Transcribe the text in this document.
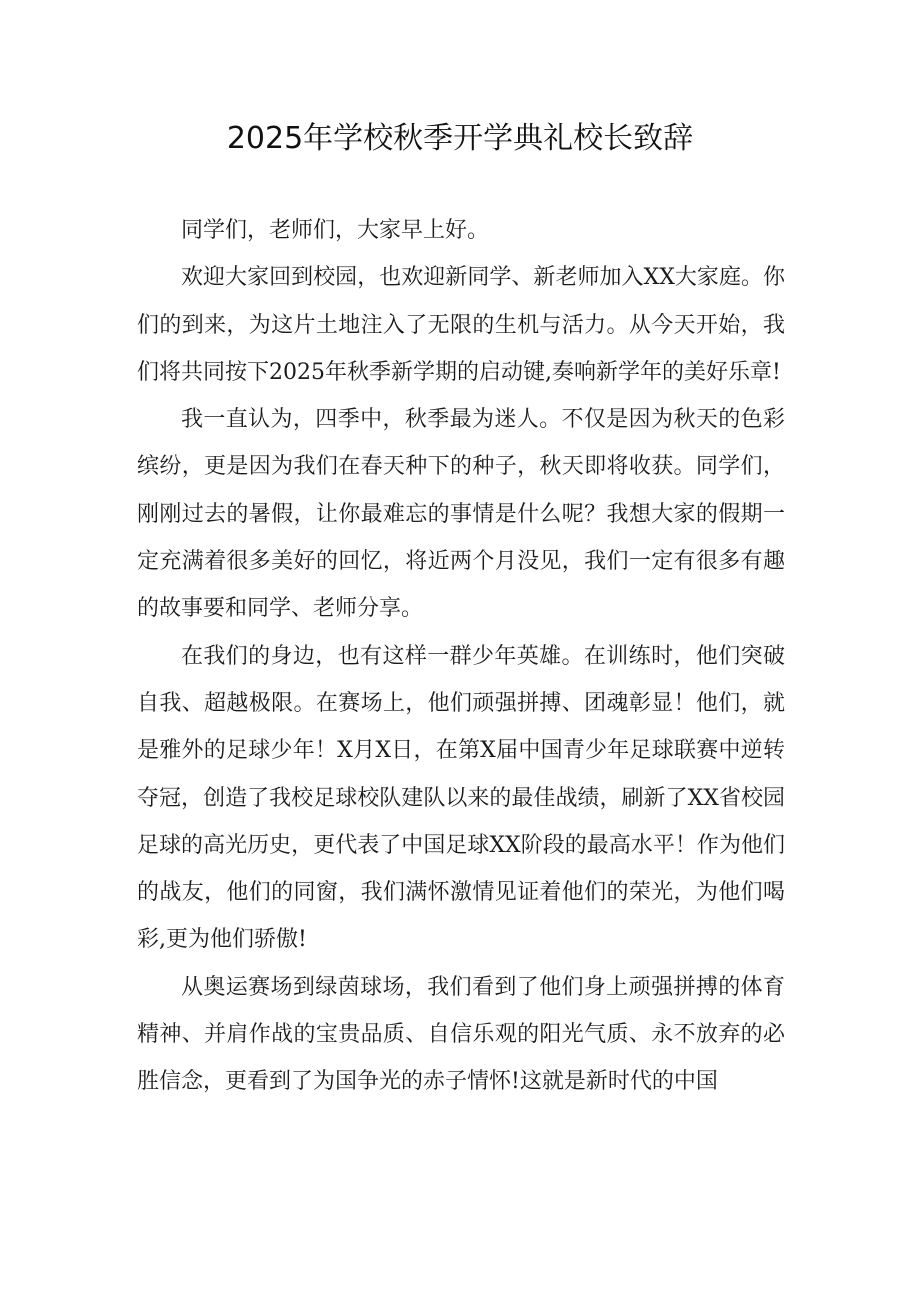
2025年学校秋季开学典礼校长致辞

同学们，老师们，大家早上好。

欢迎大家回到校园，也欢迎新同学、新老师加入XX大家庭。你们的到来，为这片土地注入了无限的生机与活力。从今天开始，我们将共同按下2025年秋季新学期的启动键,奏响新学年的美好乐章!

我一直认为，四季中，秋季最为迷人。不仅是因为秋天的色彩缤纷，更是因为我们在春天种下的种子，秋天即将收获。同学们，刚刚过去的暑假，让你最难忘的事情是什么呢？我想大家的假期一定充满着很多美好的回忆，将近两个月没见，我们一定有很多有趣的故事要和同学、老师分享。

在我们的身边，也有这样一群少年英雄。在训练时，他们突破自我、超越极限。在赛场上，他们顽强拼搏、团魂彰显！他们，就是雅外的足球少年！X月X日，在第X届中国青少年足球联赛中逆转夺冠，创造了我校足球校队建队以来的最佳战绩，刷新了XX省校园足球的高光历史，更代表了中国足球XX阶段的最高水平！作为他们的战友，他们的同窗，我们满怀激情见证着他们的荣光，为他们喝彩,更为他们骄傲!

从奥运赛场到绿茵球场，我们看到了他们身上顽强拼搏的体育精神、并肩作战的宝贵品质、自信乐观的阳光气质、永不放弃的必胜信念，更看到了为国争光的赤子情怀!这就是新时代的中国
